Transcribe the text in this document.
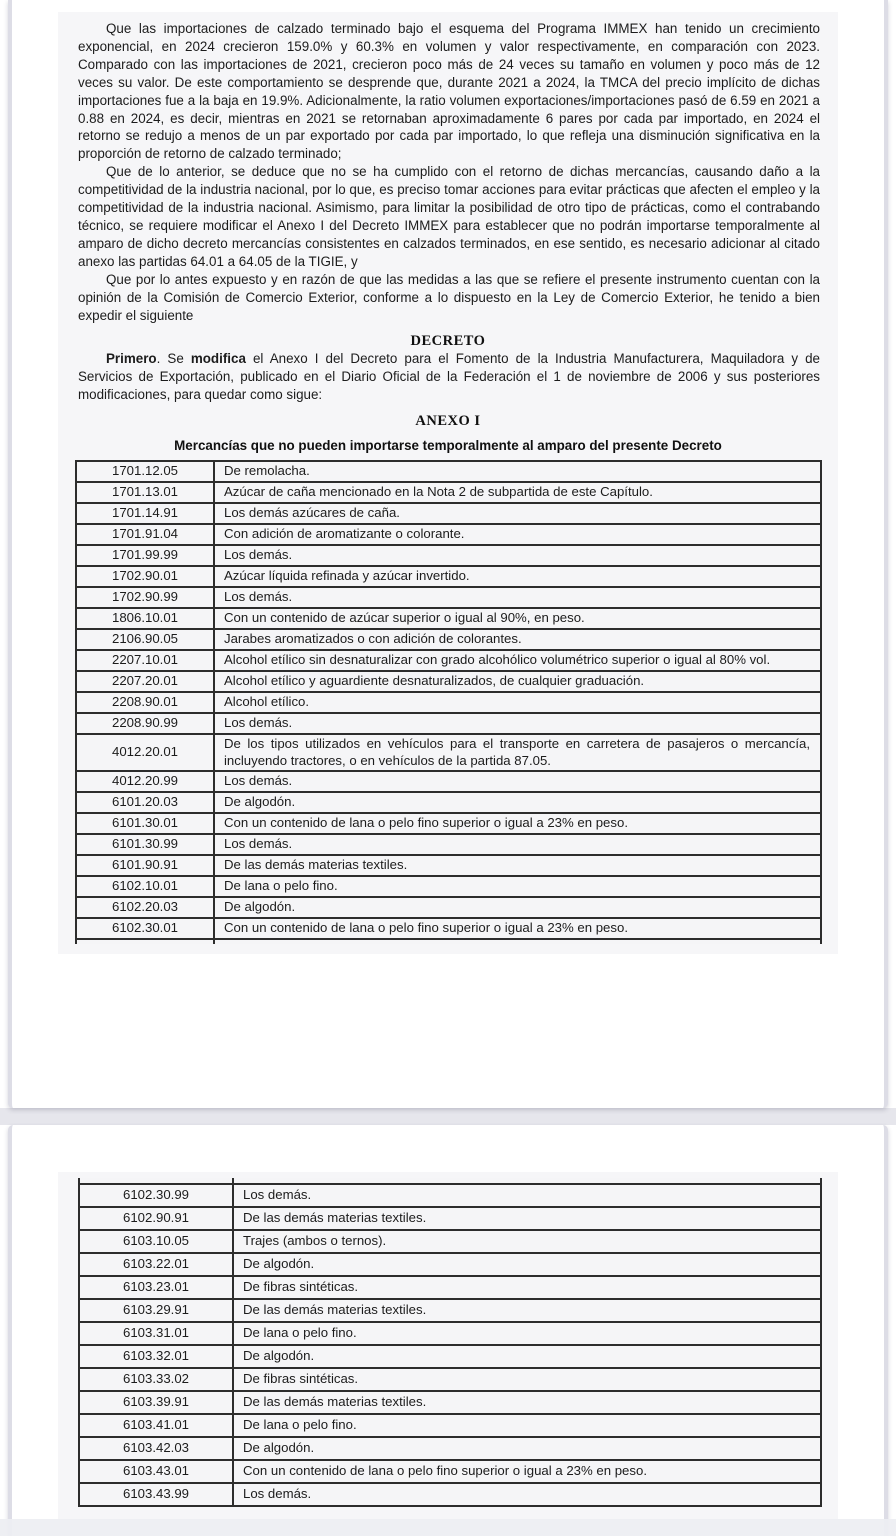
Que las importaciones de calzado terminado bajo el esquema del Programa IMMEX han tenido un crecimiento exponencial, en 2024 crecieron 159.0% y 60.3% en volumen y valor respectivamente, en comparación con 2023. Comparado con las importaciones de 2021, crecieron poco más de 24 veces su tamaño en volumen y poco más de 12 veces su valor. De este comportamiento se desprende que, durante 2021 a 2024, la TMCA del precio implícito de dichas importaciones fue a la baja en 19.9%. Adicionalmente, la ratio volumen exportaciones/importaciones pasó de 6.59 en 2021 a 0.88 en 2024, es decir, mientras en 2021 se retornaban aproximadamente 6 pares por cada par importado, en 2024 el retorno se redujo a menos de un par exportado por cada par importado, lo que refleja una disminución significativa en la proporción de retorno de calzado terminado;

Que de lo anterior, se deduce que no se ha cumplido con el retorno de dichas mercancías, causando daño a la competitividad de la industria nacional, por lo que, es preciso tomar acciones para evitar prácticas que afecten el empleo y la competitividad de la industria nacional. Asimismo, para limitar la posibilidad de otro tipo de prácticas, como el contrabando técnico, se requiere modificar el Anexo I del Decreto IMMEX para establecer que no podrán importarse temporalmente al amparo de dicho decreto mercancías consistentes en calzados terminados, en ese sentido, es necesario adicionar al citado anexo las partidas 64.01 a 64.05 de la TIGIE, y

Que por lo antes expuesto y en razón de que las medidas a las que se refiere el presente instrumento cuentan con la opinión de la Comisión de Comercio Exterior, conforme a lo dispuesto en la Ley de Comercio Exterior, he tenido a bien expedir el siguiente

DECRETO

Primero. Se modifica el Anexo I del Decreto para el Fomento de la Industria Manufacturera, Maquiladora y de Servicios de Exportación, publicado en el Diario Oficial de la Federación el 1 de noviembre de 2006 y sus posteriores modificaciones, para quedar como sigue:

ANEXO I
Mercancías que no pueden importarse temporalmente al amparo del presente Decreto
1701.12.05	De remolacha.
1701.13.01	Azúcar de caña mencionado en la Nota 2 de subpartida de este Capítulo.
1701.14.91	Los demás azúcares de caña.
1701.91.04	Con adición de aromatizante o colorante.
1701.99.99	Los demás.
1702.90.01	Azúcar líquida refinada y azúcar invertido.
1702.90.99	Los demás.
1806.10.01	Con un contenido de azúcar superior o igual al 90%, en peso.
2106.90.05	Jarabes aromatizados o con adición de colorantes.
2207.10.01	Alcohol etílico sin desnaturalizar con grado alcohólico volumétrico superior o igual al 80% vol.
2207.20.01	Alcohol etílico y aguardiente desnaturalizados, de cualquier graduación.
2208.90.01	Alcohol etílico.
2208.90.99	Los demás.
4012.20.01	De los tipos utilizados en vehículos para el transporte en carretera de pasajeros o mercancía, incluyendo tractores, o en vehículos de la partida 87.05.
4012.20.99	Los demás.
6101.20.03	De algodón.
6101.30.01	Con un contenido de lana o pelo fino superior o igual a 23% en peso.
6101.30.99	Los demás.
6101.90.91	De las demás materias textiles.
6102.10.01	De lana o pelo fino.
6102.20.03	De algodón.
6102.30.01	Con un contenido de lana o pelo fino superior o igual a 23% en peso.

6102.30.99	Los demás.
6102.90.91	De las demás materias textiles.
6103.10.05	Trajes (ambos o ternos).
6103.22.01	De algodón.
6103.23.01	De fibras sintéticas.
6103.29.91	De las demás materias textiles.
6103.31.01	De lana o pelo fino.
6103.32.01	De algodón.
6103.33.02	De fibras sintéticas.
6103.39.91	De las demás materias textiles.
6103.41.01	De lana o pelo fino.
6103.42.03	De algodón.
6103.43.01	Con un contenido de lana o pelo fino superior o igual a 23% en peso.
6103.43.99	Los demás.
